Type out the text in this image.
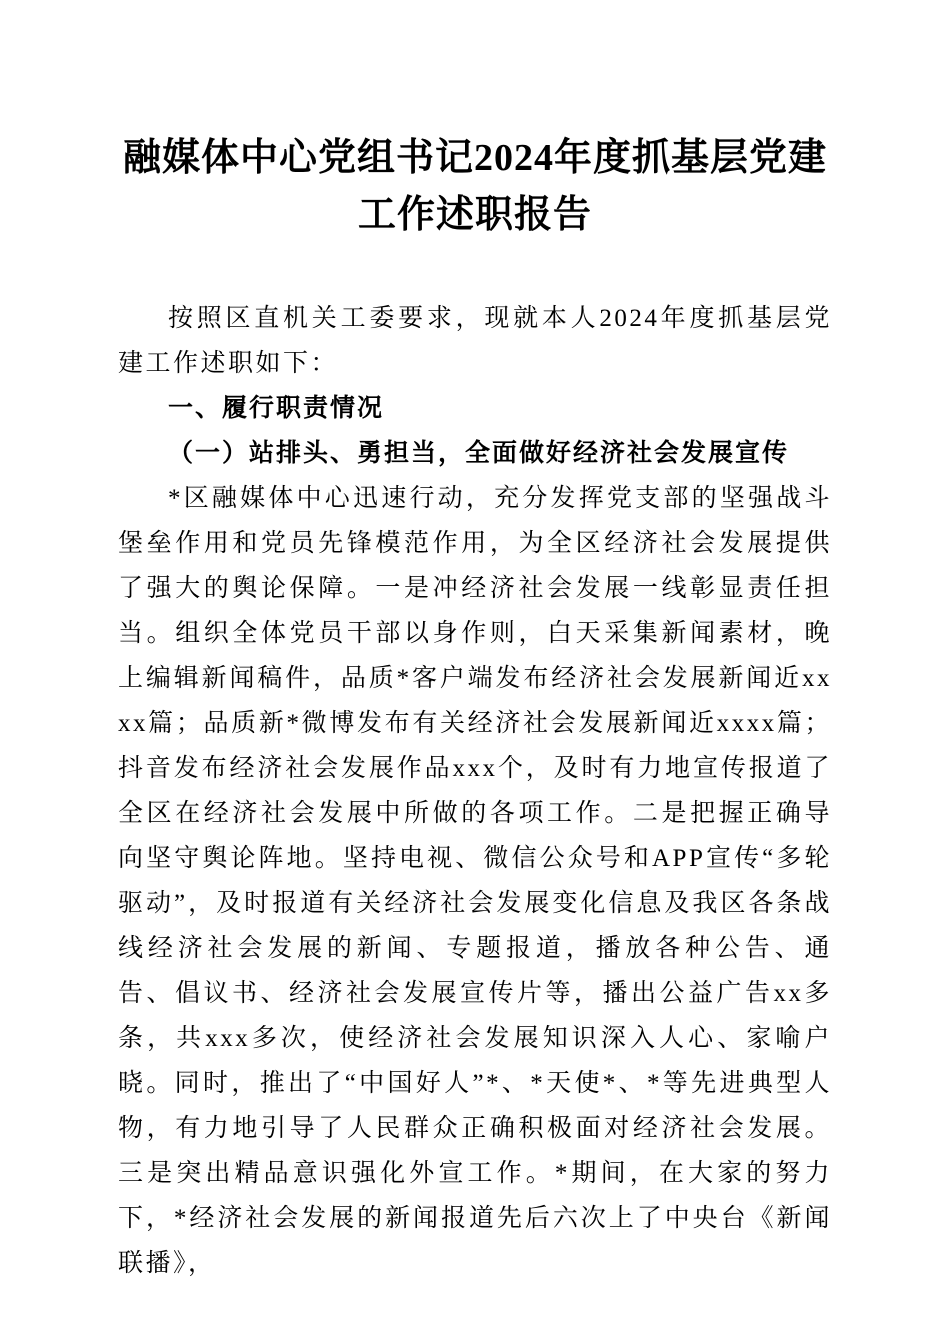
融媒体中心党组书记2024年度抓基层党建工作述职报告

按照区直机关工委要求，现就本人2024年度抓基层党建工作述职如下：

一、履行职责情况

（一）站排头、勇担当，全面做好经济社会发展宣传

*区融媒体中心迅速行动，充分发挥党支部的坚强战斗堡垒作用和党员先锋模范作用，为全区经济社会发展提供了强大的舆论保障。一是冲经济社会发展一线彰显责任担当。组织全体党员干部以身作则，白天采集新闻素材，晚上编辑新闻稿件，品质*客户端发布经济社会发展新闻近xxxx篇；品质新*微博发布有关经济社会发展新闻近xxxx篇；抖音发布经济社会发展作品xxx个，及时有力地宣传报道了全区在经济社会发展中所做的各项工作。二是把握正确导向坚守舆论阵地。坚持电视、微信公众号和APP宣传“多轮驱动”，及时报道有关经济社会发展变化信息及我区各条战线经济社会发展的新闻、专题报道，播放各种公告、通告、倡议书、经济社会发展宣传片等，播出公益广告xx多条，共xxx多次，使经济社会发展知识深入人心、家喻户晓。同时，推出了“中国好人”*、*天使*、*等先进典型人物，有力地引导了人民群众正确积极面对经济社会发展。三是突出精品意识强化外宣工作。*期间，在大家的努力下，*经济社会发展的新闻报道先后六次上了中央台《新闻联播》，
